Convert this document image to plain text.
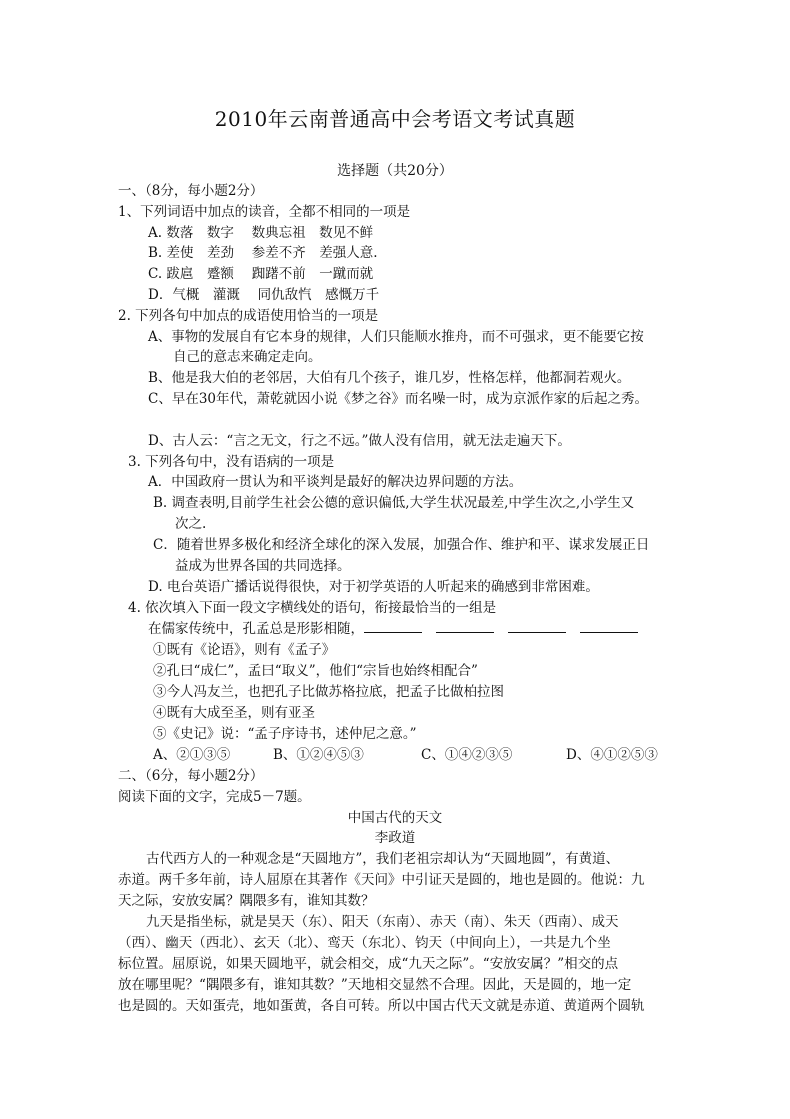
2010年云南普通高中会考语文考试真题
选择题（共20分）
一、（8分，每小题2分）
1、下列词语中加点的读音，全都不相同的一项是
A. 数落　数字　 数典忘祖　数见不鲜
B. 差使　差劲　 参差不齐　差强人意.
C. 跋扈　蹙额　 踟躇不前　一蹴而就
D．气概　灌溉　 同仇敌忾　感慨万千
2. 下列各句中加点的成语使用恰当的一项是
A、事物的发展自有它本身的规律，人们只能顺水推舟，而不可强求，更不能要它按
自己的意志来确定走向。
B、他是我大伯的老邻居，大伯有几个孩子，谁几岁，性格怎样，他都洞若观火。
C、早在30年代，萧乾就因小说《梦之谷》而名噪一时，成为京派作家的后起之秀。
D、古人云：“言之无文，行之不远。”做人没有信用，就无法走遍天下。
3. 下列各句中，没有语病的一项是
A．中国政府一贯认为和平谈判是最好的解决边界问题的方法。
B. 调查表明,目前学生社会公德的意识偏低,大学生状况最差,中学生次之,小学生又
次之.
C．随着世界多极化和经济全球化的深入发展，加强合作、维护和平、谋求发展正日
益成为世界各国的共同选择。
D. 电台英语广播话说得很快，对于初学英语的人听起来的确感到非常困难。
4. 依次填入下面一段文字横线处的语句，衔接最恰当的一组是
在儒家传统中，孔孟总是形影相随，
①既有《论语》，则有《孟子》
②孔曰“成仁”，孟曰“取义”，他们“宗旨也始终相配合”
③今人冯友兰，也把孔子比做苏格拉底，把孟子比做柏拉图
④既有大成至圣，则有亚圣
⑤《史记》说：“孟子序诗书，述仲尼之意。”
A、②①③⑤	B、①②④⑤③	C、①④②③⑤	D、④①②⑤③
二、（6分，每小题2分）
阅读下面的文字，完成5－7题。
中国古代的天文
李政道
古代西方人的一种观念是“天圆地方”，我们老祖宗却认为“天圆地圆”，有黄道、
赤道。两千多年前，诗人屈原在其著作《天问》中引证天是圆的，地也是圆的。他说：九
天之际，安放安属？隅隈多有，谁知其数？
九天是指坐标，就是昊天（东）、阳天（东南）、赤天（南）、朱天（西南）、成天
（西）、幽天（西北）、玄天（北）、鸾天（东北）、钧天（中间向上），一共是九个坐
标位置。屈原说，如果天圆地平，就会相交，成“九天之际”。“安放安属？”相交的点
放在哪里呢？“隅隈多有，谁知其数？”天地相交显然不合理。因此，天是圆的，地一定
也是圆的。天如蛋壳，地如蛋黄，各自可转。所以中国古代天文就是赤道、黄道两个圆轨
